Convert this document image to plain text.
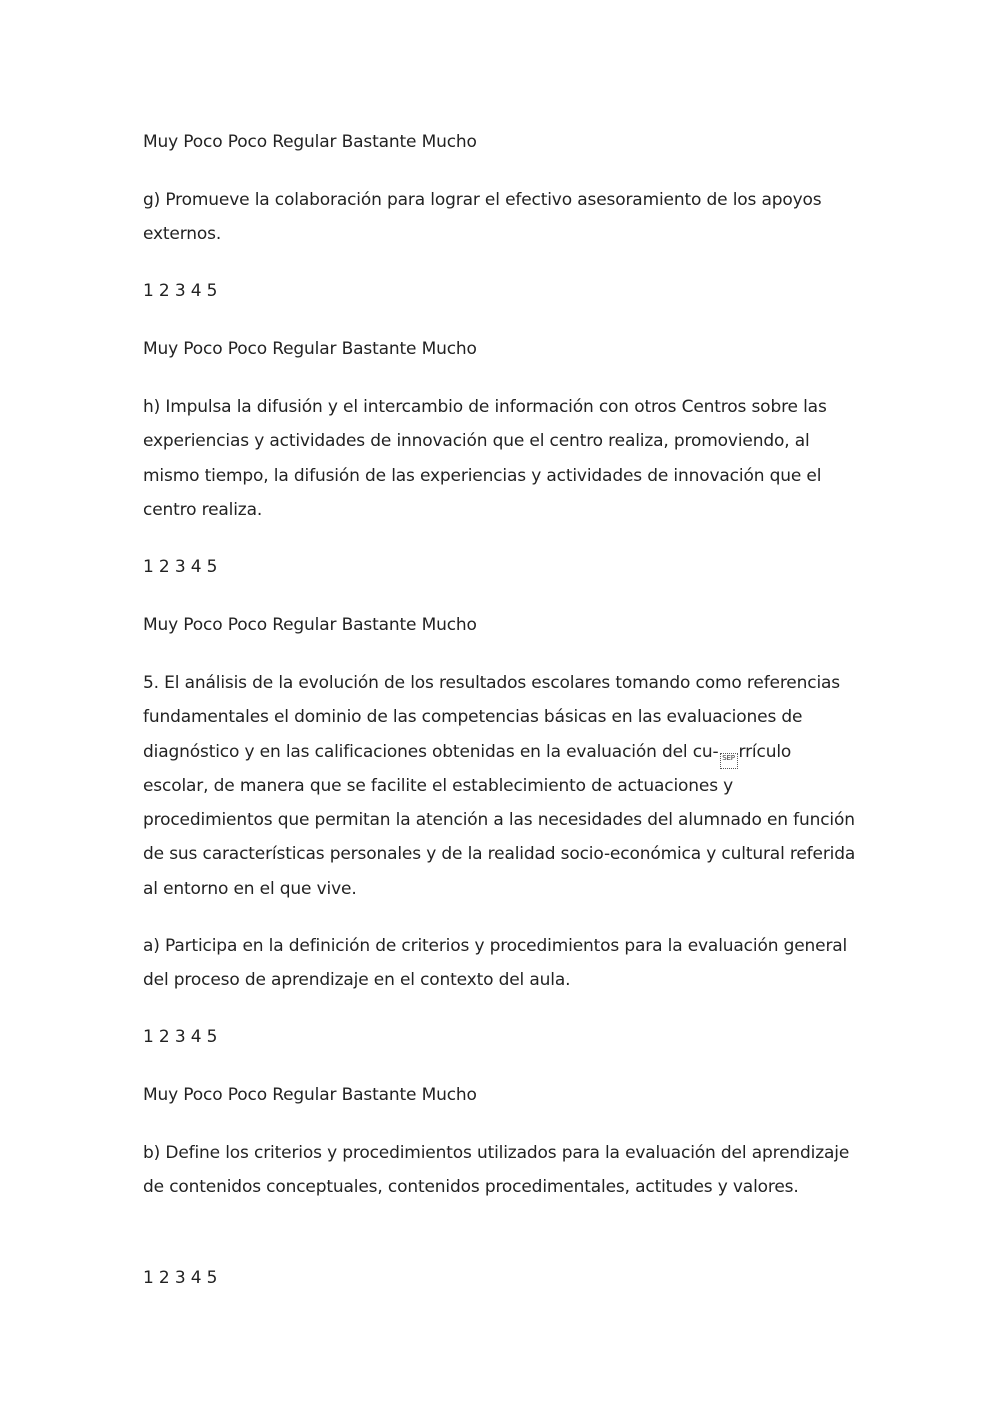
Muy Poco Poco Regular Bastante Mucho
g) Promueve la colaboración para lograr el efectivo asesoramiento de los apoyos externos.
1 2 3 4 5
Muy Poco Poco Regular Bastante Mucho
h) Impulsa la difusión y el intercambio de información con otros Centros sobre las experiencias y actividades de innovación que el centro realiza, promoviendo, al mismo tiempo, la difusión de las experiencias y actividades de innovación que el centro realiza.
1 2 3 4 5
Muy Poco Poco Regular Bastante Mucho
5. El análisis de la evolución de los resultados escolares tomando como referencias fundamentales el dominio de las competencias básicas en las evaluaciones de diagnóstico y en las calificaciones obtenidas en la evaluación del cu- SEP rrículo escolar, de manera que se facilite el establecimiento de actuaciones y procedimientos que permitan la atención a las necesidades del alumnado en función de sus características personales y de la realidad socio-económica y cultural referida al entorno en el que vive.
a) Participa en la definición de criterios y procedimientos para la evaluación general del proceso de aprendizaje en el contexto del aula.
1 2 3 4 5
Muy Poco Poco Regular Bastante Mucho
b) Define los criterios y procedimientos utilizados para la evaluación del aprendizaje de contenidos conceptuales, contenidos procedimentales, actitudes y valores.
1 2 3 4 5
